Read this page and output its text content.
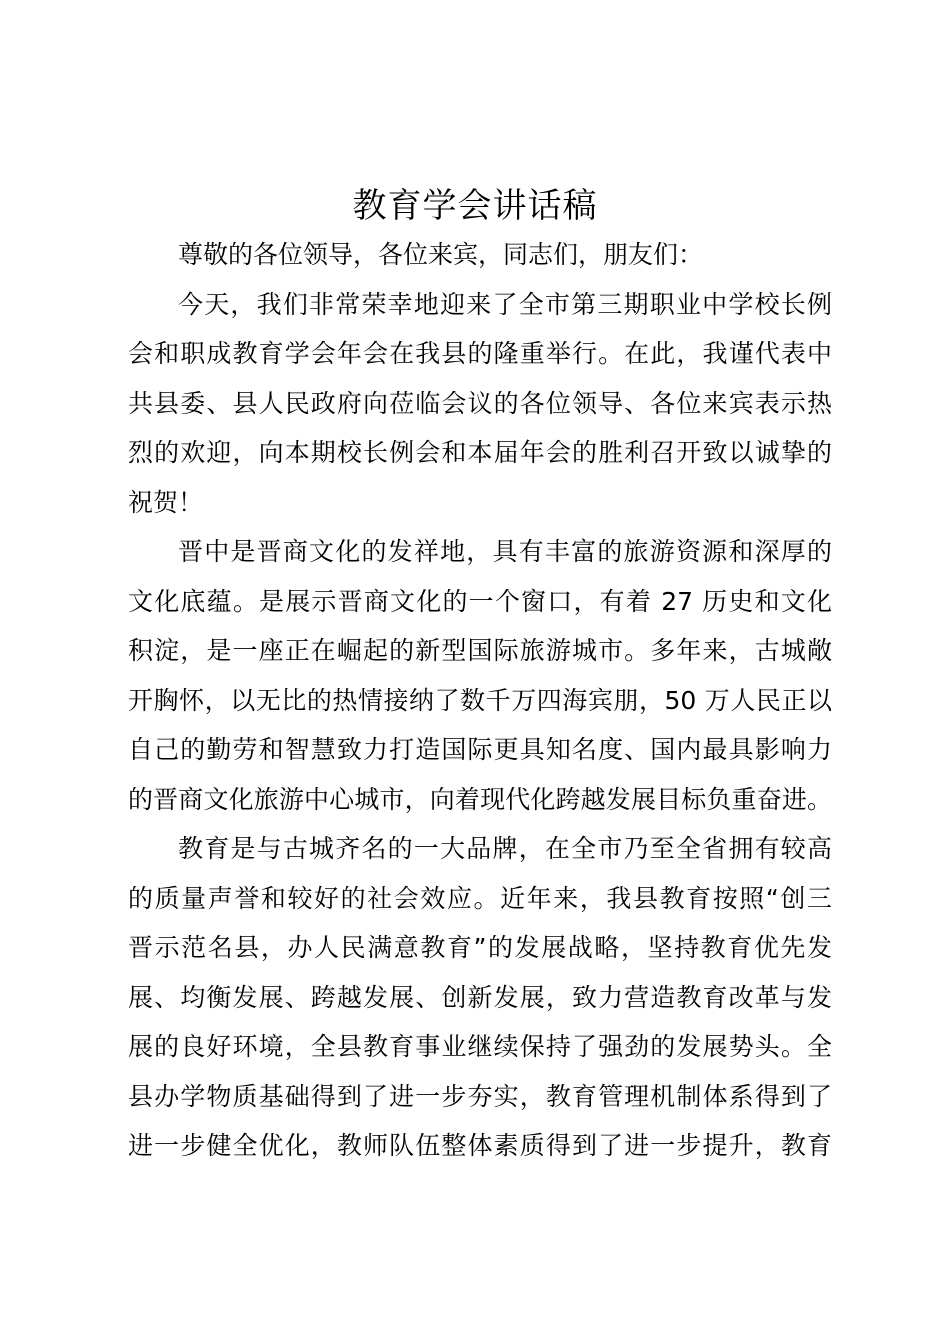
教育学会讲话稿
尊敬的各位领导，各位来宾，同志们，朋友们：
今天，我们非常荣幸地迎来了全市第三期职业中学校长例
会和职成教育学会年会在我县的隆重举行。在此，我谨代表中
共县委、县人民政府向莅临会议的各位领导、各位来宾表示热
烈的欢迎，向本期校长例会和本届年会的胜利召开致以诚挚的
祝贺！
晋中是晋商文化的发祥地，具有丰富的旅游资源和深厚的
文化底蕴。是展示晋商文化的一个窗口，有着 27 历史和文化
积淀，是一座正在崛起的新型国际旅游城市。多年来，古城敞
开胸怀，以无比的热情接纳了数千万四海宾朋，50 万人民正以
自己的勤劳和智慧致力打造国际更具知名度、国内最具影响力
的晋商文化旅游中心城市，向着现代化跨越发展目标负重奋进。
教育是与古城齐名的一大品牌，在全市乃至全省拥有较高
的质量声誉和较好的社会效应。近年来，我县教育按照“创三
晋示范名县，办人民满意教育”的发展战略，坚持教育优先发
展、均衡发展、跨越发展、创新发展，致力营造教育改革与发
展的良好环境，全县教育事业继续保持了强劲的发展势头。全
县办学物质基础得到了进一步夯实，教育管理机制体系得到了
进一步健全优化，教师队伍整体素质得到了进一步提升，教育
